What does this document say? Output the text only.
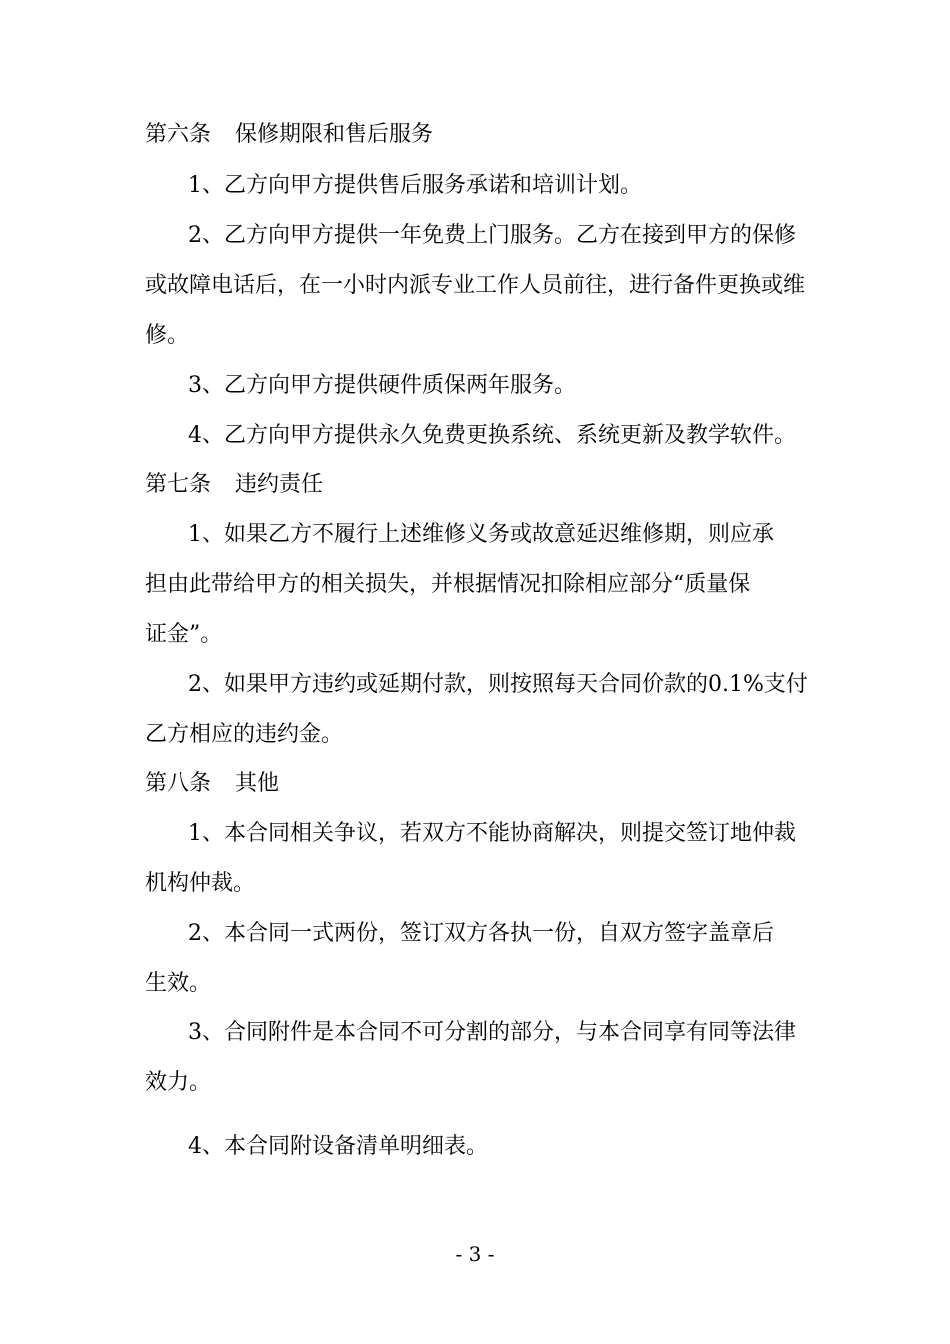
第六条 保修期限和售后服务
1、乙方向甲方提供售后服务承诺和培训计划。
2、乙方向甲方提供一年免费上门服务。乙方在接到甲方的保修
或故障电话后，在一小时内派专业工作人员前往，进行备件更换或维
修。
3、乙方向甲方提供硬件质保两年服务。
4、乙方向甲方提供永久免费更换系统、系统更新及教学软件。
第七条 违约责任
1、如果乙方不履行上述维修义务或故意延迟维修期，则应承
担由此带给甲方的相关损失，并根据情况扣除相应部分“质量保
证金”。
2、如果甲方违约或延期付款，则按照每天合同价款的0.1%支付
乙方相应的违约金。
第八条 其他
1、本合同相关争议，若双方不能协商解决，则提交签订地仲裁
机构仲裁。
2、本合同一式两份，签订双方各执一份，自双方签字盖章后
生效。
3、合同附件是本合同不可分割的部分，与本合同享有同等法律
效力。
4、本合同附设备清单明细表。
- 3 -
